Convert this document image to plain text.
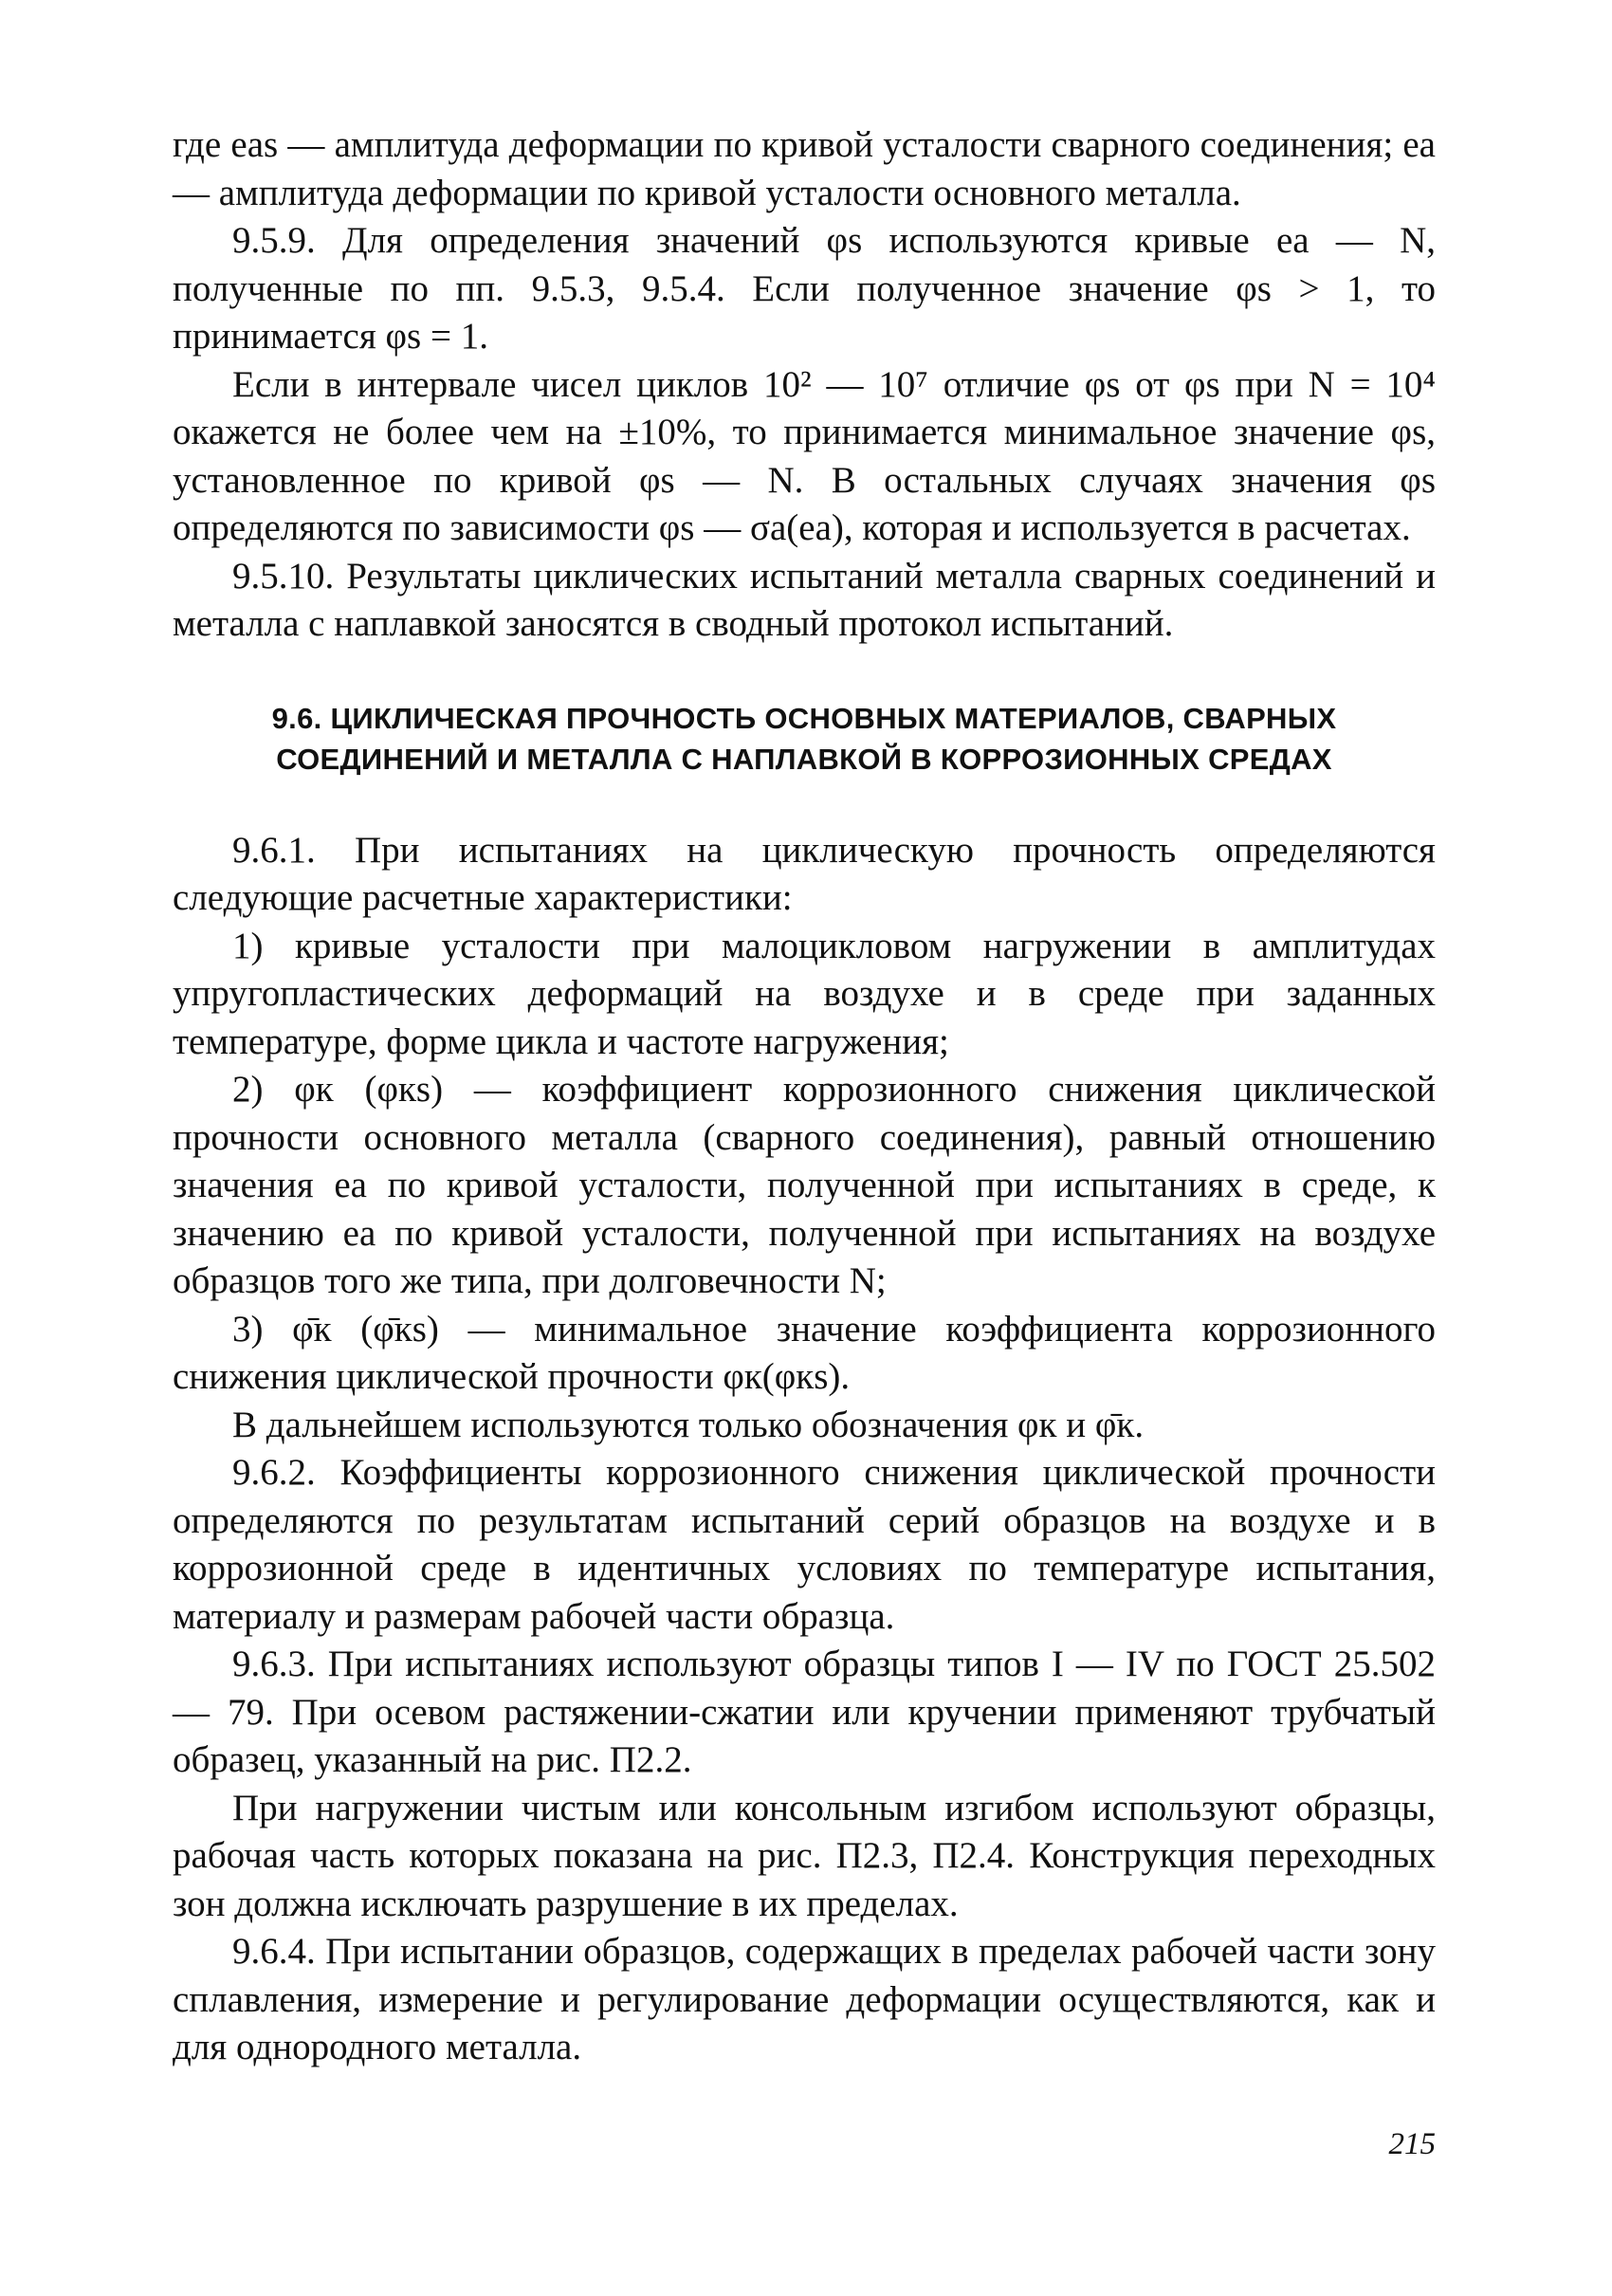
где eas — амплитуда деформации по кривой усталости сварного соединения; ea — амплитуда деформации по кривой усталости основного металла.

9.5.9. Для определения значений φs используются кривые ea — N, полученные по пп. 9.5.3, 9.5.4. Если полученное значение φs > 1, то принимается φs = 1.

Если в интервале чисел циклов 10² — 10⁷ отличие φs от φs при N = 10⁴ окажется не более чем на ±10%, то принимается минимальное значение φs, установленное по кривой φs — N. В остальных случаях значения φs определяются по зависимости φs — σa(ea), которая и используется в расчетах.

9.5.10. Результаты циклических испытаний металла сварных соединений и металла с наплавкой заносятся в сводный протокол испытаний.

9.6. ЦИКЛИЧЕСКАЯ ПРОЧНОСТЬ ОСНОВНЫХ МАТЕРИАЛОВ, СВАРНЫХ
СОЕДИНЕНИЙ И МЕТАЛЛА С НАПЛАВКОЙ В КОРРОЗИОННЫХ СРЕДАХ

9.6.1. При испытаниях на циклическую прочность определяются следующие расчетные характеристики:

1) кривые усталости при малоцикловом нагружении в амплитудах упругопластических деформаций на воздухе и в среде при заданных температуре, форме цикла и частоте нагружения;

2) φк (φкs) — коэффициент коррозионного снижения циклической прочности основного металла (сварного соединения), равный отношению значения ea по кривой усталости, полученной при испытаниях в среде, к значению ea по кривой усталости, полученной при испытаниях на воздухе образцов того же типа, при долговечности N;

3) φ̄к (φ̄кs) — минимальное значение коэффициента коррозионного снижения циклической прочности φк(φкs).

В дальнейшем используются только обозначения φк и φ̄к.

9.6.2. Коэффициенты коррозионного снижения циклической прочности определяются по результатам испытаний серий образцов на воздухе и в коррозионной среде в идентичных условиях по температуре испытания, материалу и размерам рабочей части образца.

9.6.3. При испытаниях используют образцы типов I — IV по ГОСТ 25.502 — 79. При осевом растяжении-сжатии или кручении применяют трубчатый образец, указанный на рис. П2.2.

При нагружении чистым или консольным изгибом используют образцы, рабочая часть которых показана на рис. П2.3, П2.4. Конструкция переходных зон должна исключать разрушение в их пределах.

9.6.4. При испытании образцов, содержащих в пределах рабочей части зону сплавления, измерение и регулирование деформации осуществляются, как и для однородного металла.

215
